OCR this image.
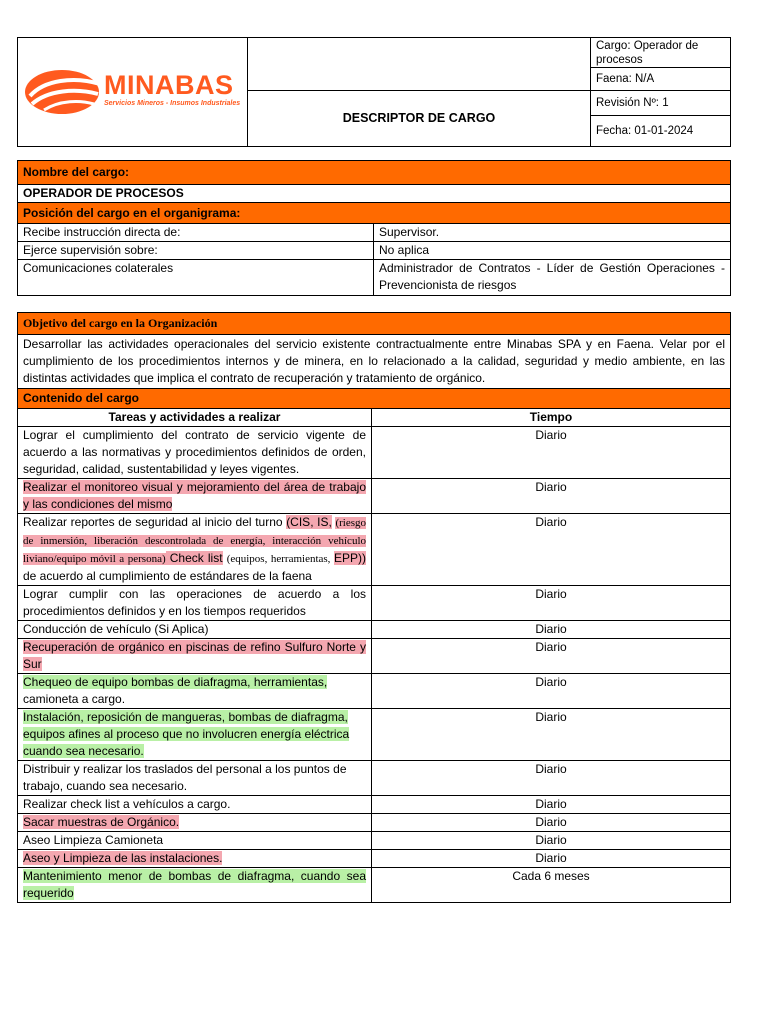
MINABAS
Servicios Mineros - Insumos Industriales		Cargo: Operador de procesos
		Faena: N/A
	DESCRIPTOR DE CARGO	Revisión Nº: 1
		Fecha: 01-01-2024
Nombre del cargo:	
OPERADOR DE PROCESOS	
Posición del cargo en el organigrama:	
Recibe instrucción directa de:	Supervisor.
Ejerce supervisión sobre:	No aplica
Comunicaciones colaterales	Administrador de Contratos - Líder de Gestión Operaciones - Prevencionista de riesgos
Objetivo del cargo en la Organización	
Desarrollar las actividades operacionales del servicio existente contractualmente entre Minabas SPA y en Faena. Velar por el cumplimiento de los procedimientos internos y de minera, en lo relacionado a la calidad, seguridad y medio ambiente, en las distintas actividades que implica el contrato de recuperación y tratamiento de orgánico.	
Contenido del cargo	
Tareas y actividades a realizar	Tiempo
Lograr el cumplimiento del contrato de servicio vigente de acuerdo a las normativas y procedimientos definidos de orden, seguridad, calidad, sustentabilidad y leyes vigentes.	Diario
Realizar el monitoreo visual y mejoramiento del área de trabajo y las condiciones del mismo	Diario
Realizar reportes de seguridad al inicio del turno (CIS, IS, (riesgo de inmersión, liberación descontrolada de energía, interacción vehículo liviano/equipo móvil a persona) Check list (equipos, herramientas, EPP)) de acuerdo al cumplimiento de estándares de la faena	Diario
Lograr cumplir con las operaciones de acuerdo a los procedimientos definidos y en los tiempos requeridos	Diario
Conducción de vehículo (Si Aplica)	Diario
Recuperación de orgánico en piscinas de refino Sulfuro Norte y Sur	Diario
Chequeo de equipo bombas de diafragma, herramientas,
camioneta a cargo.	Diario
Instalación, reposición de mangueras, bombas de diafragma, equipos afines al proceso que no involucren energía eléctrica cuando sea necesario.	Diario
Distribuir y realizar los traslados del personal a los puntos de trabajo, cuando sea necesario.	Diario
Realizar check list a vehículos a cargo.	Diario
Sacar muestras de Orgánico.	Diario
Aseo Limpieza Camioneta	Diario
Aseo y Limpieza de las instalaciones.	Diario
Mantenimiento menor de bombas de diafragma, cuando sea requerido	Cada 6 meses
